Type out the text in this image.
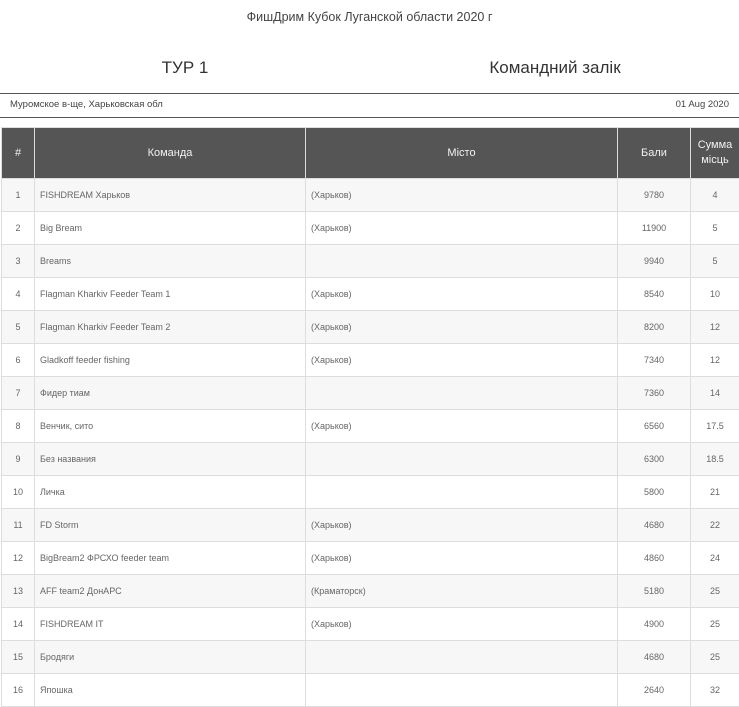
ФишДрим Кубок Луганской области 2020 г
ТУР 1	Командний залік
Муромское в-ще, Харьковская обл	01 Aug 2020
#	Команда	Місто	Бали	Сумма
місць
1	FISHDREAM Харьков	(Харьков)	9780	4
2	Big Bream	(Харьков)	11900	5
3	Breams		9940	5
4	Flagman Kharkiv Feeder Team 1	(Харьков)	8540	10
5	Flagman Kharkiv Feeder Team 2	(Харьков)	8200	12
6	Gladkoff feeder fishing	(Харьков)	7340	12
7	Фидер тиам		7360	14
8	Венчик, сито	(Харьков)	6560	17.5
9	Без названия		6300	18.5
10	Личка		5800	21
11	FD Storm	(Харьков)	4680	22
12	BigBream2 ФРСХО feeder team	(Харьков)	4860	24
13	AFF team2 ДонАРС	(Краматорск)	5180	25
14	FISHDREAM IT	(Харьков)	4900	25
15	Бродяги		4680	25
16	Япошка		2640	32
